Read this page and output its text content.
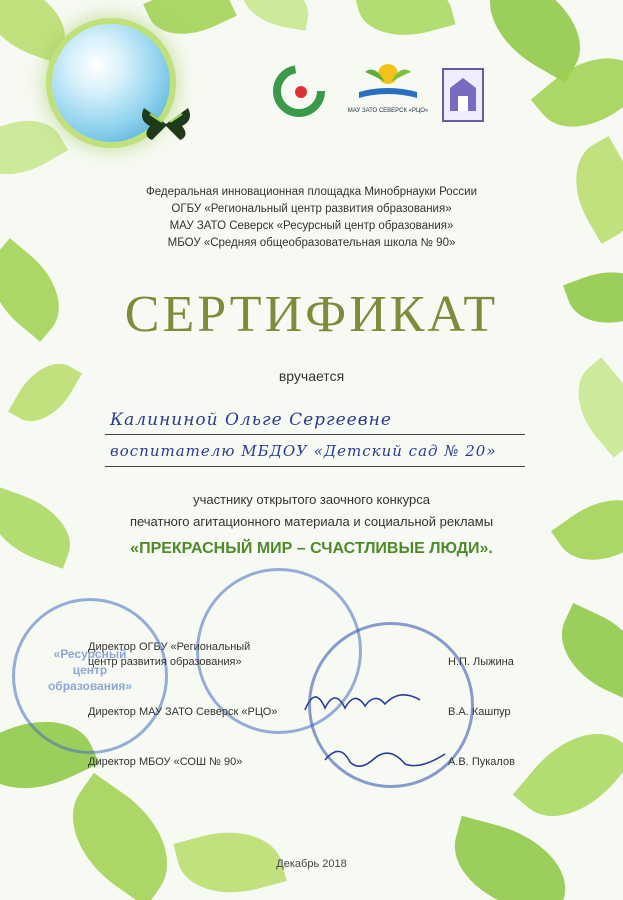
МАУ ЗАТО СЕВЕРСК «РЦО»
Федеральная инновационная площадка Минобрнауки России
ОГБУ «Региональный центр развития образования»
МАУ ЗАТО Северск «Ресурсный центр образования»
МБОУ «Средняя общеобразовательная школа № 90»
СЕРТИФИКАТ
вручается
Калининой Ольге Сергеевне
воспитателю МБДОУ «Детский сад № 20»
участнику открытого заочного конкурса
печатного агитационного материала и социальной рекламы
«ПРЕКРАСНЫЙ МИР – СЧАСТЛИВЫЕ ЛЮДИ».
«Ресурсный центр образования»
Директор ОГБУ «Региональный
центр развития образования»	Н.П. Лыжина
Директор МАУ ЗАТО Северск «РЦО»	В.А. Кашпур
Директор МБОУ «СОШ № 90»	А.В. Пукалов
Декабрь 2018
